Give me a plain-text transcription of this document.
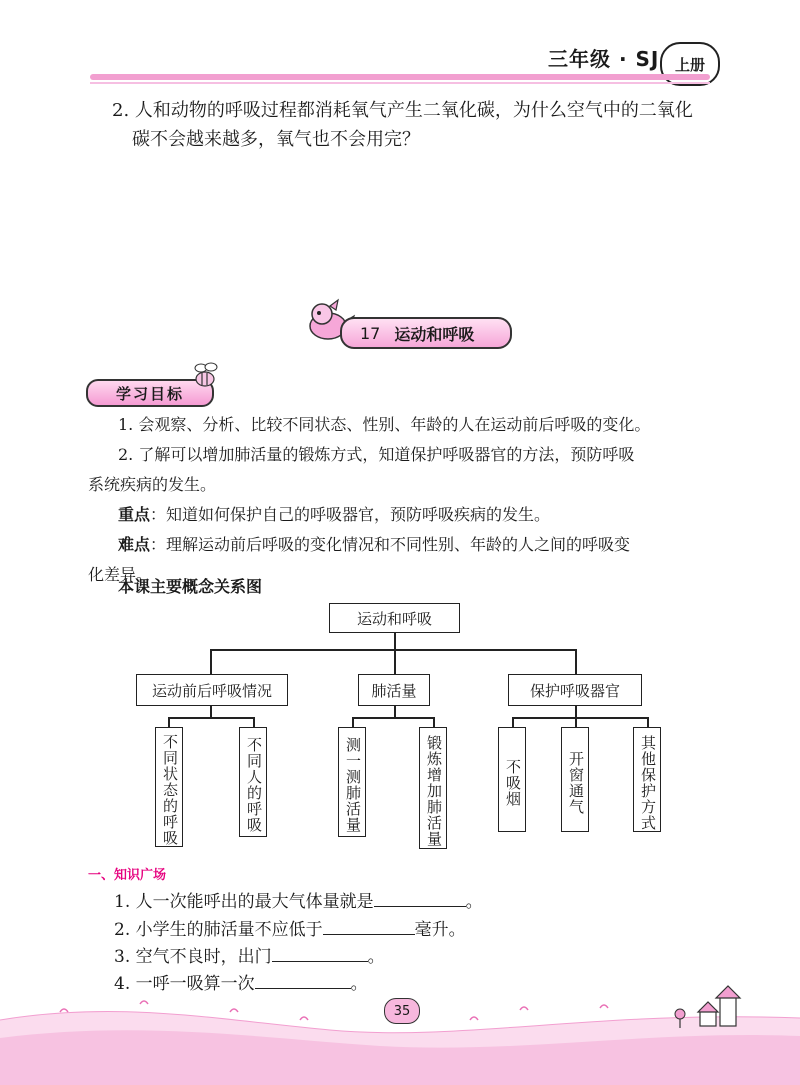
三年级 · SJ	上册
2. 人和动物的呼吸过程都消耗氧气产生二氧化碳，为什么空气中的二氧化

碳不会越来越多，氧气也不会用完？
17 运动和呼吸
学习目标

1. 会观察、分析、比较不同状态、性别、年龄的人在运动前后呼吸的变化。

2. 了解可以增加肺活量的锻炼方式，知道保护呼吸器官的方法，预防呼吸

系统疾病的发生。

重点：知道如何保护自己的呼吸器官，预防呼吸疾病的发生。

难点：理解运动前后呼吸的变化情况和不同性别、年龄的人之间的呼吸变

化差异。

本课主要概念关系图
运动和呼吸
运动前后呼吸情况	肺活量	保护呼吸器官
不同状态的呼吸	不同人的呼吸	测一测肺活量	锻炼增加肺活量	不吸烟	开窗通气	其他保护方式
一、知识广场
1. 人一次能呼出的最大气体量就是	。
2. 小学生的肺活量不应低于	毫升。
3. 空气不良时，出门	。
4. 一呼一吸算一次	。
35
